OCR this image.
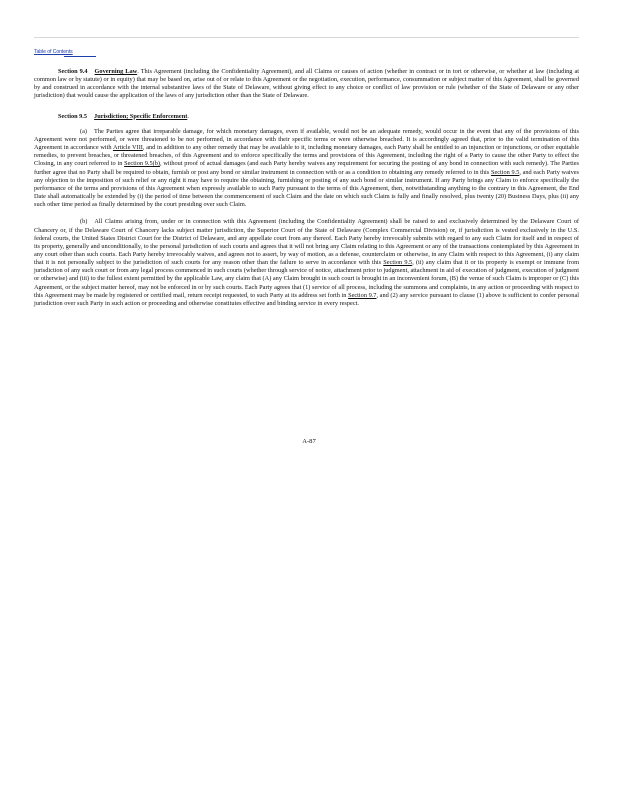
Table of Contents

Section 9.4 Governing Law. This Agreement (including the Confidentiality Agreement), and all Claims or causes of action (whether in contract or in tort or otherwise, or whether at law (including at common law or by statute) or in equity) that may be based on, arise out of or relate to this Agreement or the negotiation, execution, performance, consummation or subject matter of this Agreement, shall be governed by and construed in accordance with the internal substantive laws of the State of Delaware, without giving effect to any choice or conflict of law provision or rule (whether of the State of Delaware or any other jurisdiction) that would cause the application of the laws of any jurisdiction other than the State of Delaware.

Section 9.5 Jurisdiction; Specific Enforcement.

(a) The Parties agree that irreparable damage, for which monetary damages, even if available, would not be an adequate remedy, would occur in the event that any of the provisions of this Agreement were not performed, or were threatened to be not performed, in accordance with their specific terms or were otherwise breached. It is accordingly agreed that, prior to the valid termination of this Agreement in accordance with Article VIII, and in addition to any other remedy that may be available to it, including monetary damages, each Party shall be entitled to an injunction or injunctions, or other equitable remedies, to prevent breaches, or threatened breaches, of this Agreement and to enforce specifically the terms and provisions of this Agreement, including the right of a Party to cause the other Party to effect the Closing, in any court referred to in Section 9.5(b), without proof of actual damages (and each Party hereby waives any requirement for securing the posting of any bond in connection with such remedy). The Parties further agree that no Party shall be required to obtain, furnish or post any bond or similar instrument in connection with or as a condition to obtaining any remedy referred to in this Section 9.5, and each Party waives any objection to the imposition of such relief or any right it may have to require the obtaining, furnishing or posting of any such bond or similar instrument. If any Party brings any Claim to enforce specifically the performance of the terms and provisions of this Agreement when expressly available to such Party pursuant to the terms of this Agreement, then, notwithstanding anything to the contrary in this Agreement, the End Date shall automatically be extended by (i) the period of time between the commencement of such Claim and the date on which such Claim is fully and finally resolved, plus twenty (20) Business Days, plus (ii) any such other time period as finally determined by the court presiding over such Claim.

(b) All Claims arising from, under or in connection with this Agreement (including the Confidentiality Agreement) shall be raised to and exclusively determined by the Delaware Court of Chancery or, if the Delaware Court of Chancery lacks subject matter jurisdiction, the Superior Court of the State of Delaware (Complex Commercial Division) or, if jurisdiction is vested exclusively in the U.S. federal courts, the United States District Court for the District of Delaware, and any appellate court from any thereof. Each Party hereby irrevocably submits with regard to any such Claim for itself and in respect of its property, generally and unconditionally, to the personal jurisdiction of such courts and agrees that it will not bring any Claim relating to this Agreement or any of the transactions contemplated by this Agreement in any court other than such courts. Each Party hereby irrevocably waives, and agrees not to assert, by way of motion, as a defense, counterclaim or otherwise, in any Claim with respect to this Agreement, (i) any claim that it is not personally subject to the jurisdiction of such courts for any reason other than the failure to serve in accordance with this Section 9.5, (ii) any claim that it or its property is exempt or immune from jurisdiction of any such court or from any legal process commenced in such courts (whether through service of notice, attachment prior to judgment, attachment in aid of execution of judgment, execution of judgment or otherwise) and (iii) to the fullest extent permitted by the applicable Law, any claim that (A) any Claim brought in such court is brought in an inconvenient forum, (B) the venue of such Claim is improper or (C) this Agreement, or the subject matter hereof, may not be enforced in or by such courts. Each Party agrees that (1) service of all process, including the summons and complaints, in any action or proceeding with respect to this Agreement may be made by registered or certified mail, return receipt requested, to such Party at its address set forth in Section 9.7, and (2) any service pursuant to clause (1) above is sufficient to confer personal jurisdiction over such Party in such action or proceeding and otherwise constitutes effective and binding service in every respect.

A-87
